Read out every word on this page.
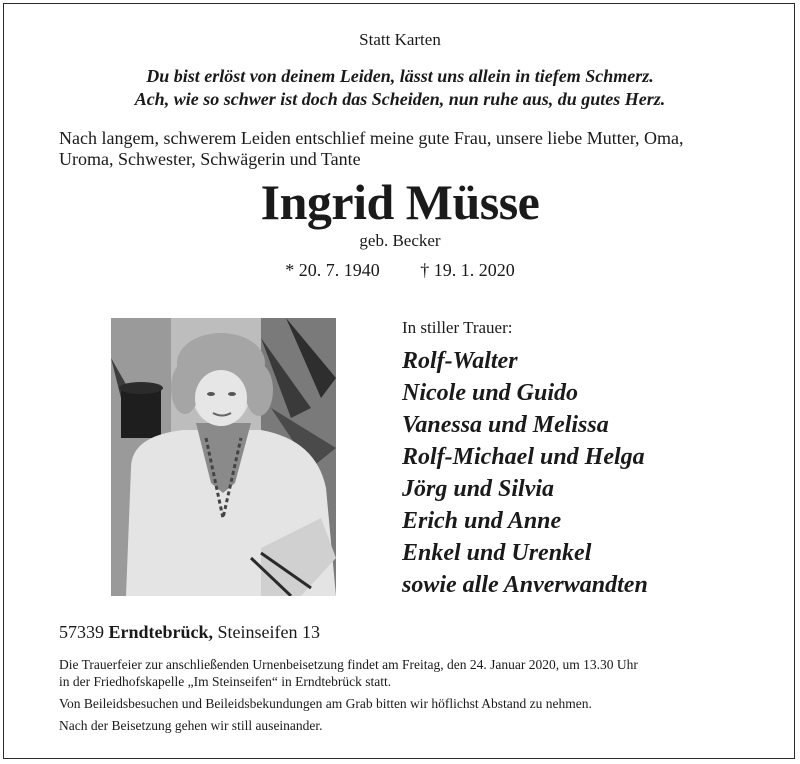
Statt Karten
Du bist erlöst von deinem Leiden, lässt uns allein in tiefem Schmerz.
Ach, wie so schwer ist doch das Scheiden, nun ruhe aus, du gutes Herz.
Nach langem, schwerem Leiden entschlief meine gute Frau, unsere liebe Mutter, Oma,
Uroma, Schwester, Schwägerin und Tante
Ingrid Müsse
geb. Becker
* 20. 7. 1940 † 19. 1. 2020
In stiller Trauer:
Rolf-Walter
Nicole und Guido
Vanessa und Melissa
Rolf-Michael und Helga
Jörg und Silvia
Erich und Anne
Enkel und Urenkel
sowie alle Anverwandten
57339 Erndtebrück, Steinseifen 13

Die Trauerfeier zur anschließenden Urnenbeisetzung findet am Freitag, den 24. Januar 2020, um 13.30 Uhr
in der Friedhofskapelle „Im Steinseifen“ in Erndtebrück statt.

Von Beileidsbesuchen und Beileidsbekundungen am Grab bitten wir höflichst Abstand zu nehmen.

Nach der Beisetzung gehen wir still auseinander.
